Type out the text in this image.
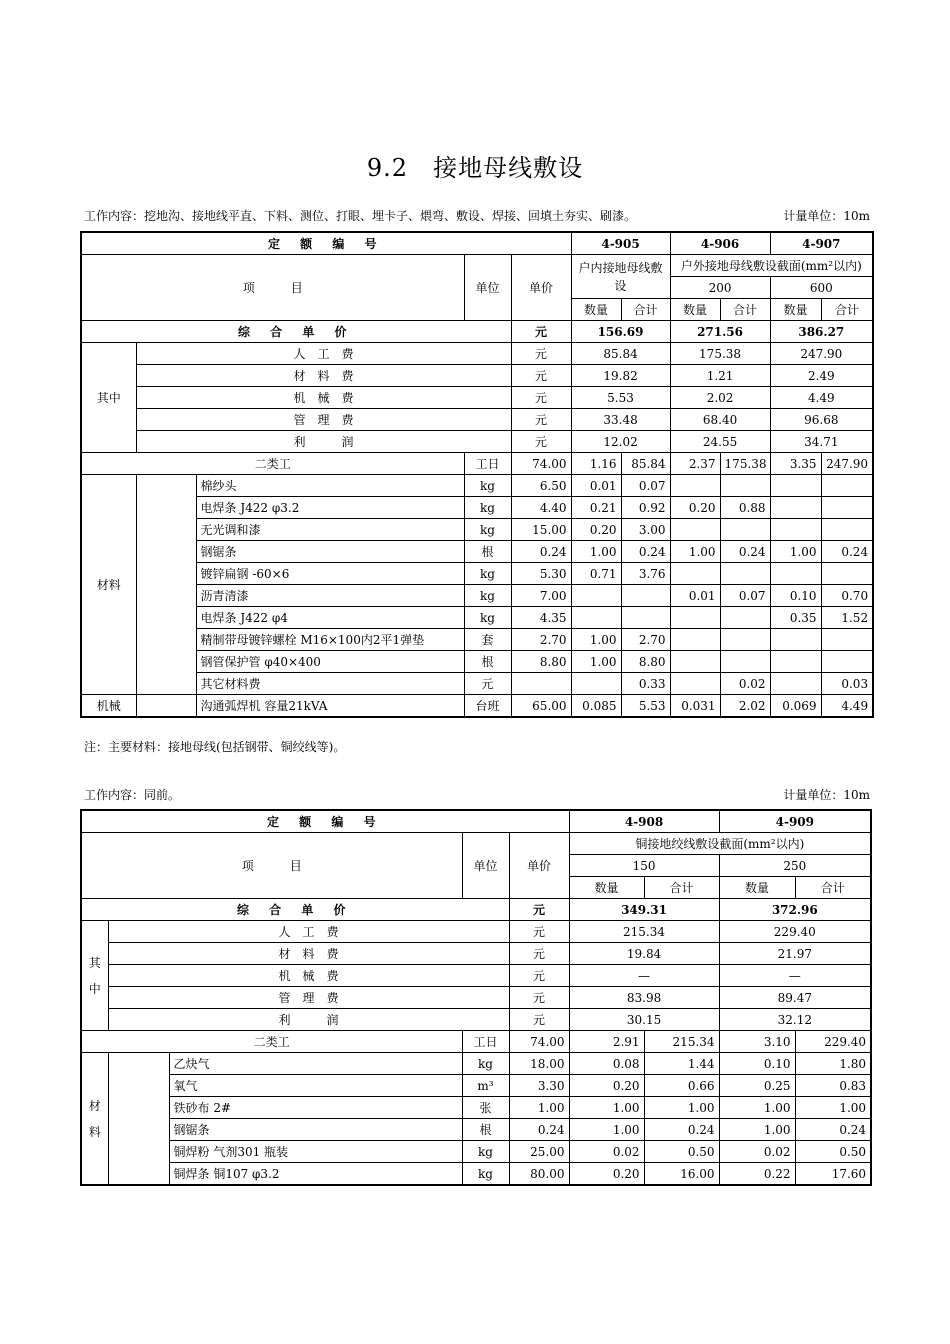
9.2　接地母线敷设
工作内容：挖地沟、接地线平直、下料、测位、打眼、埋卡子、煨弯、敷设、焊接、回填土夯实、刷漆。	计量单位：10m
定 额 编 号					4-905		4-906		4-907	
项　　　目			单位	单价	户内接地母线敷设		户外接地母线敷设截面(mm²以内)			
							200		600	
					数量	合计	数量	合计	数量	合计
综 合 单 价				元	156.69		271.56		386.27	
其中	人　工　费			元	85.84		175.38		247.90	
	材　料　费			元	19.82		1.21		2.49	
	机　械　费			元	5.53		2.02		4.49	
	管　理　费			元	33.48		68.40		96.68	
	利　　　润			元	12.02		24.55		34.71	
二类工			工日	74.00	1.16	85.84	2.37	175.38	3.35	247.90
材料		棉纱头	kg	6.50	0.01	0.07				
		电焊条 J422 φ3.2	kg	4.40	0.21	0.92	0.20	0.88		
		无光调和漆	kg	15.00	0.20	3.00				
		钢锯条	根	0.24	1.00	0.24	1.00	0.24	1.00	0.24
		镀锌扁钢 -60×6	kg	5.30	0.71	3.76				
		沥青清漆	kg	7.00			0.01	0.07	0.10	0.70
		电焊条 J422 φ4	kg	4.35					0.35	1.52
		精制带母镀锌螺栓 M16×100内2平1弹垫	套	2.70	1.00	2.70				
		钢管保护管 φ40×400	根	8.80	1.00	8.80				
		其它材料费	元			0.33		0.02		0.03
机械		沟通弧焊机 容量21kVA	台班	65.00	0.085	5.53	0.031	2.02	0.069	4.49
注：主要材料：接地母线(包括钢带、铜绞线等)。
工作内容：同前。	计量单位：10m
定 额 编 号					4-908		4-909	
项　　　目			单位	单价	铜接地绞线敷设截面(mm²以内)			
					150		250	
					数量	合计	数量	合计
综 合 单 价				元	349.31		372.96	
其中	人　工　费			元	215.34		229.40	
	材　料　费			元	19.84		21.97	
	机　械　费			元	—		—	
	管　理　费			元	83.98		89.47	
	利　　　润			元	30.15		32.12	
二类工			工日	74.00	2.91	215.34	3.10	229.40
材料		乙炔气	kg	18.00	0.08	1.44	0.10	1.80
		氧气	m³	3.30	0.20	0.66	0.25	0.83
		铁砂布 2#	张	1.00	1.00	1.00	1.00	1.00
		钢锯条	根	0.24	1.00	0.24	1.00	0.24
		铜焊粉 气剂301 瓶装	kg	25.00	0.02	0.50	0.02	0.50
		铜焊条 铜107 φ3.2	kg	80.00	0.20	16.00	0.22	17.60
